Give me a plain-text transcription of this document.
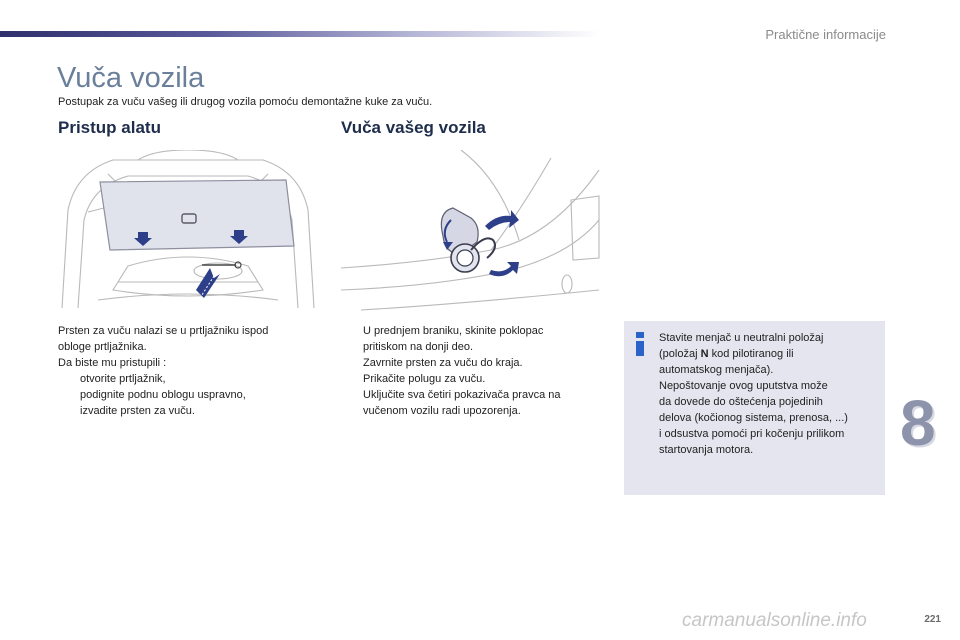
Praktične informacije
Vuča vozila
Postupak za vuču vašeg ili drugog vozila pomoću demontažne kuke za vuču.
Pristup alatu	Vuča vašeg vozila

Prsten za vuču nalazi se u prtljažniku ispod

obloge prtljažnika.

Da biste mu pristupili :

otvorite prtljažnik,
podignite podnu oblogu uspravno,
izvadite prsten za vuču.
U prednjem braniku, skinite poklopac
pritiskom na donji deo.
Zavrnite prsten za vuču do kraja.
Prikačite polugu za vuču.
Uključite sva četiri pokazivača pravca na
vučenom vozilu radi upozorenja.

Stavite menjač u neutralni položaj

(položaj N kod pilotiranog ili

automatskog menjača).

Nepoštovanje ovog uputstva može

da dovede do oštećenja pojedinih

delova (kočionog sistema, prenosa, ...)

i odsustva pomoći pri kočenju prilikom

startovanja motora.	8
221
carmanualsonline.info
